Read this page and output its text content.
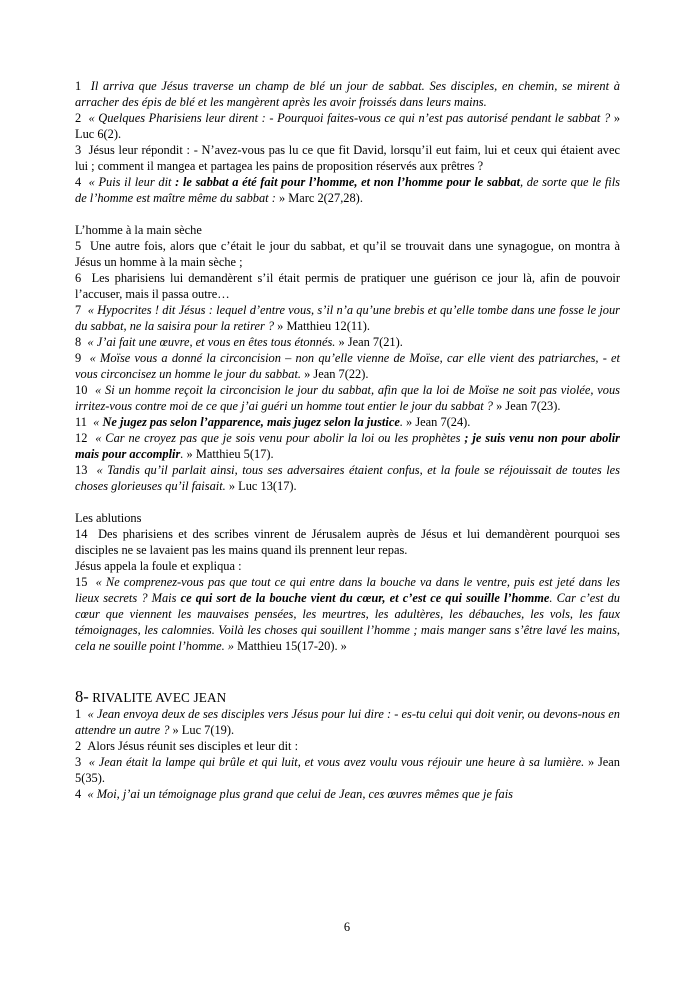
1 Il arriva que Jésus traverse un champ de blé un jour de sabbat. Ses disciples, en chemin, se mirent à arracher des épis de blé et les mangèrent après les avoir froissés dans leurs mains.

2 « Quelques Pharisiens leur dirent : - Pourquoi faites-vous ce qui n’est pas autorisé pendant le sabbat ? » Luc 6(2).

3 Jésus leur répondit : - N’avez-vous pas lu ce que fit David, lorsqu’il eut faim, lui et ceux qui étaient avec lui ; comment il mangea et partagea les pains de proposition réservés aux prêtres ?

4 « Puis il leur dit : le sabbat a été fait pour l’homme, et non l’homme pour le sabbat, de sorte que le fils de l’homme est maître même du sabbat : » Marc 2(27,28).

L’homme à la main sèche

5 Une autre fois, alors que c’était le jour du sabbat, et qu’il se trouvait dans une synagogue, on montra à Jésus un homme à la main sèche ;

6 Les pharisiens lui demandèrent s’il était permis de pratiquer une guérison ce jour là, afin de pouvoir l’accuser, mais il passa outre…

7 « Hypocrites ! dit Jésus : lequel d’entre vous, s’il n’a qu’une brebis et qu’elle tombe dans une fosse le jour du sabbat, ne la saisira pour la retirer ? » Matthieu 12(11).

8 « J’ai fait une œuvre, et vous en êtes tous étonnés. » Jean 7(21).

9 « Moïse vous a donné la circoncision – non qu’elle vienne de Moïse, car elle vient des patriarches, - et vous circoncisez un homme le jour du sabbat. » Jean 7(22).

10 « Si un homme reçoit la circoncision le jour du sabbat, afin que la loi de Moïse ne soit pas violée, vous irritez-vous contre moi de ce que j’ai guéri un homme tout entier le jour du sabbat ? » Jean 7(23).

11 « Ne jugez pas selon l’apparence, mais jugez selon la justice. » Jean 7(24).

12 « Car ne croyez pas que je sois venu pour abolir la loi ou les prophètes ; je suis venu non pour abolir mais pour accomplir. » Matthieu 5(17).

13 « Tandis qu’il parlait ainsi, tous ses adversaires étaient confus, et la foule se réjouissait de toutes les choses glorieuses qu’il faisait. » Luc 13(17).

Les ablutions

14 Des pharisiens et des scribes vinrent de Jérusalem auprès de Jésus et lui demandèrent pourquoi ses disciples ne se lavaient pas les mains quand ils prennent leur repas.

Jésus appela la foule et expliqua :

15 « Ne comprenez-vous pas que tout ce qui entre dans la bouche va dans le ventre, puis est jeté dans les lieux secrets ? Mais ce qui sort de la bouche vient du cœur, et c’est ce qui souille l’homme. Car c’est du cœur que viennent les mauvaises pensées, les meurtres, les adultères, les débauches, les vols, les faux témoignages, les calomnies. Voilà les choses qui souillent l’homme ; mais manger sans s’être lavé les mains, cela ne souille point l’homme. » Matthieu 15(17-20). »

8- RIVALITE AVEC JEAN

1 « Jean envoya deux de ses disciples vers Jésus pour lui dire : - es-tu celui qui doit venir, ou devons-nous en attendre un autre ? » Luc 7(19).

2 Alors Jésus réunit ses disciples et leur dit :

3 « Jean était la lampe qui brûle et qui luit, et vous avez voulu vous réjouir une heure à sa lumière. » Jean 5(35).

4 « Moi, j’ai un témoignage plus grand que celui de Jean, ces œuvres mêmes que je fais

6
